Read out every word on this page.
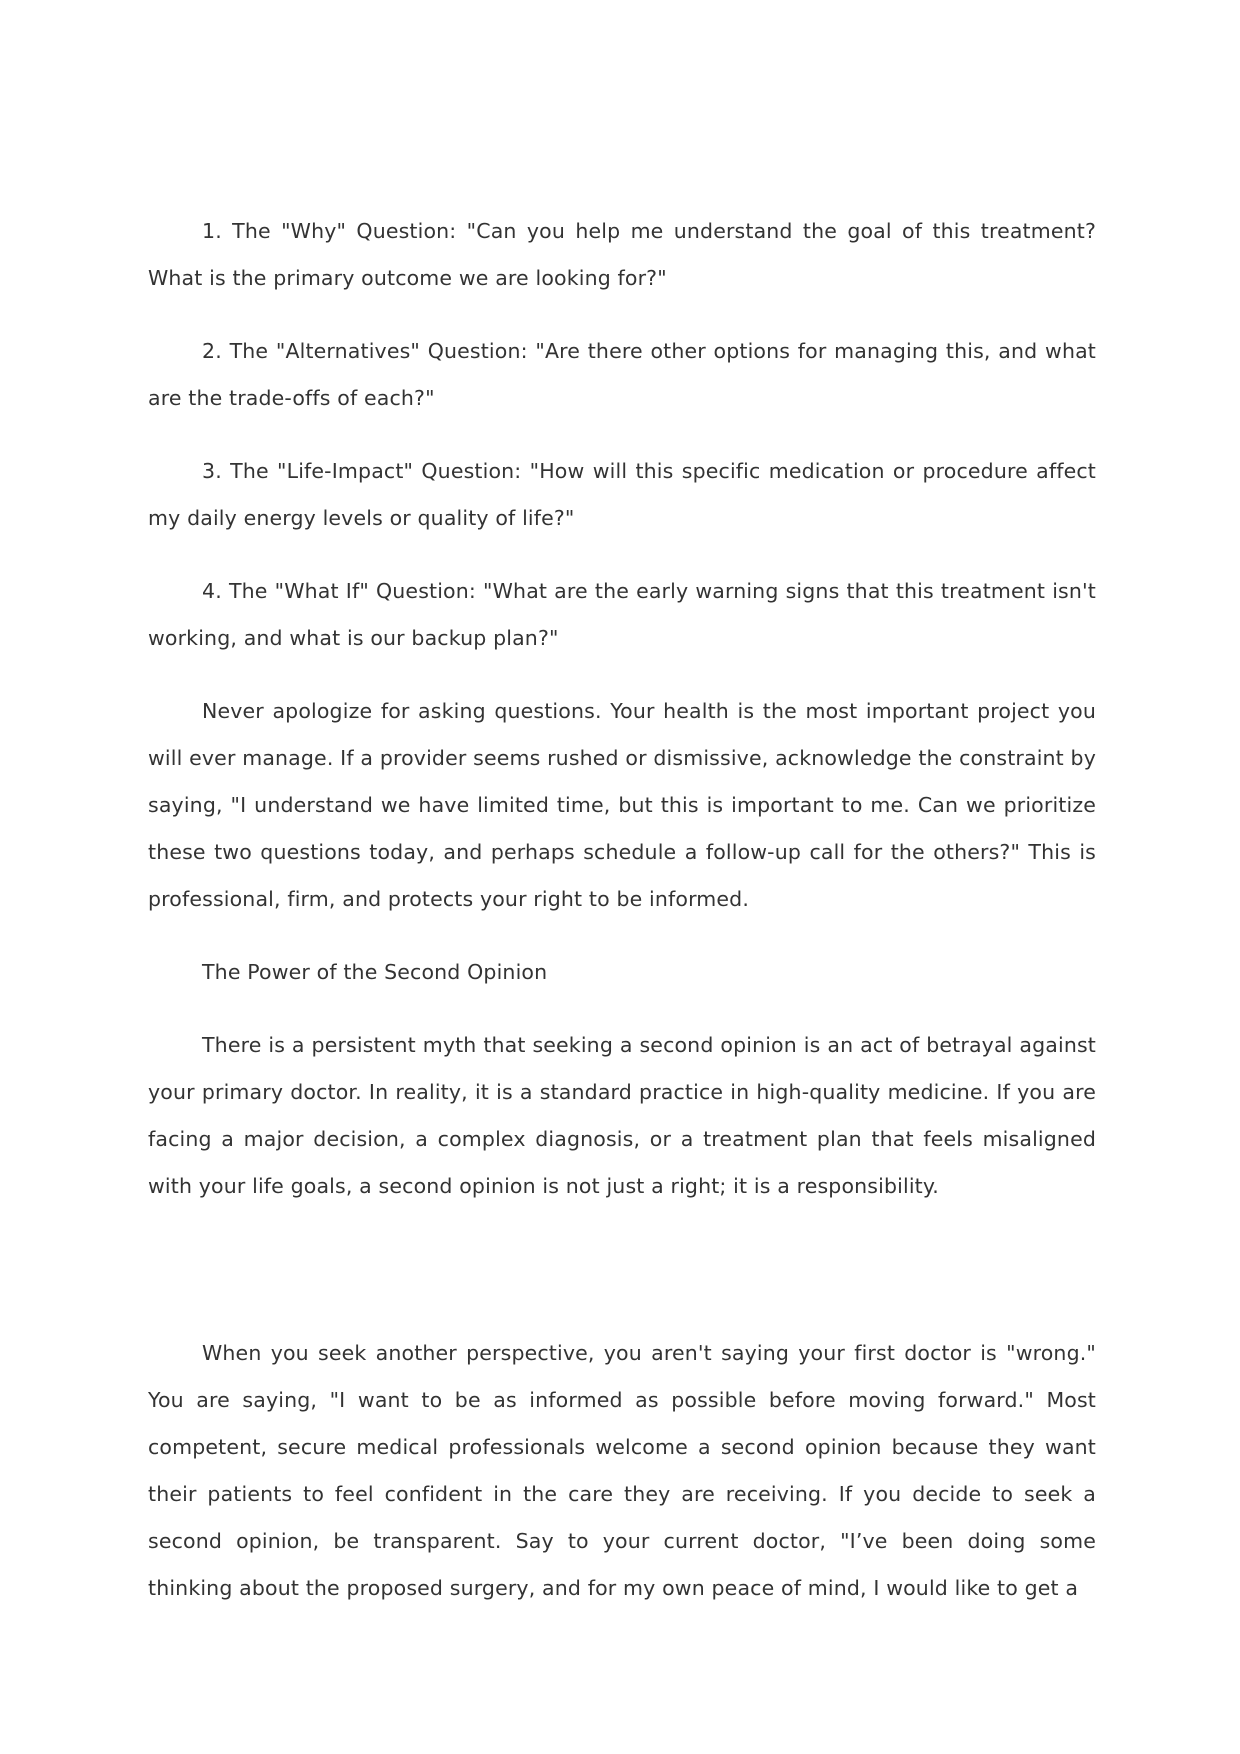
1. The "Why" Question: "Can you help me understand the goal of this treatment? What is the primary outcome we are looking for?"

2. The "Alternatives" Question: "Are there other options for managing this, and what are the trade-offs of each?"

3. The "Life-Impact" Question: "How will this specific medication or procedure affect my daily energy levels or quality of life?"

4. The "What If" Question: "What are the early warning signs that this treatment isn't working, and what is our backup plan?"

Never apologize for asking questions. Your health is the most important project you will ever manage. If a provider seems rushed or dismissive, acknowledge the constraint by saying, "I understand we have limited time, but this is important to me. Can we prioritize these two questions today, and perhaps schedule a follow-up call for the others?" This is professional, firm, and protects your right to be informed.

The Power of the Second Opinion

There is a persistent myth that seeking a second opinion is an act of betrayal against your primary doctor. In reality, it is a standard practice in high-quality medicine. If you are facing a major decision, a complex diagnosis, or a treatment plan that feels misaligned with your life goals, a second opinion is not just a right; it is a responsibility.

When you seek another perspective, you aren't saying your first doctor is "wrong." You are saying, "I want to be as informed as possible before moving forward." Most competent, secure medical professionals welcome a second opinion because they want their patients to feel confident in the care they are receiving. If you decide to seek a second opinion, be transparent. Say to your current doctor, "I’ve been doing some thinking about the proposed surgery, and for my own peace of mind, I would like to get a
